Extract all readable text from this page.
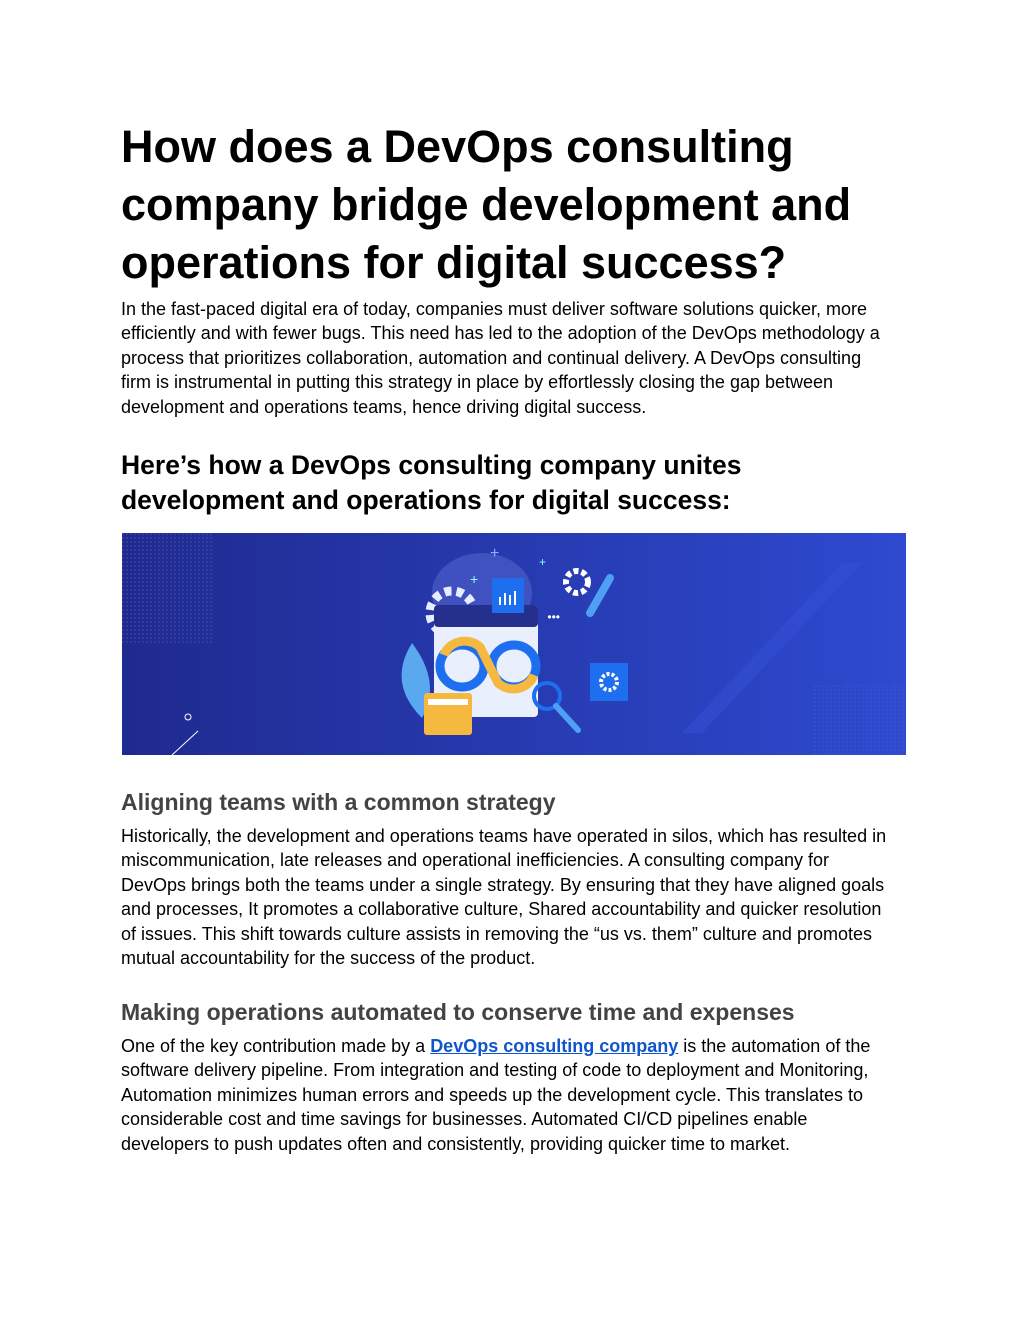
How does a DevOps consulting
company bridge development and
operations for digital success?

In the fast-paced digital era of today, companies must deliver software solutions quicker, more
efficiently and with fewer bugs. This need has led to the adoption of the DevOps methodology a
process that prioritizes collaboration, automation and continual delivery. A DevOps consulting
firm is instrumental in putting this strategy in place by effortlessly closing the gap between
development and operations teams, hence driving digital success.

Here’s how a DevOps consulting company unites
development and operations for digital success:
+
+
+
•••
Aligning teams with a common strategy

Historically, the development and operations teams have operated in silos, which has resulted in
miscommunication, late releases and operational inefficiencies. A consulting company for
DevOps brings both the teams under a single strategy. By ensuring that they have aligned goals
and processes, It promotes a collaborative culture, Shared accountability and quicker resolution
of issues. This shift towards culture assists in removing the “us vs. them” culture and promotes
mutual accountability for the success of the product.

Making operations automated to conserve time and expenses

One of the key contribution made by a DevOps consulting company is the automation of the
software delivery pipeline. From integration and testing of code to deployment and Monitoring,
Automation minimizes human errors and speeds up the development cycle. This translates to
considerable cost and time savings for businesses. Automated CI/CD pipelines enable
developers to push updates often and consistently, providing quicker time to market.
